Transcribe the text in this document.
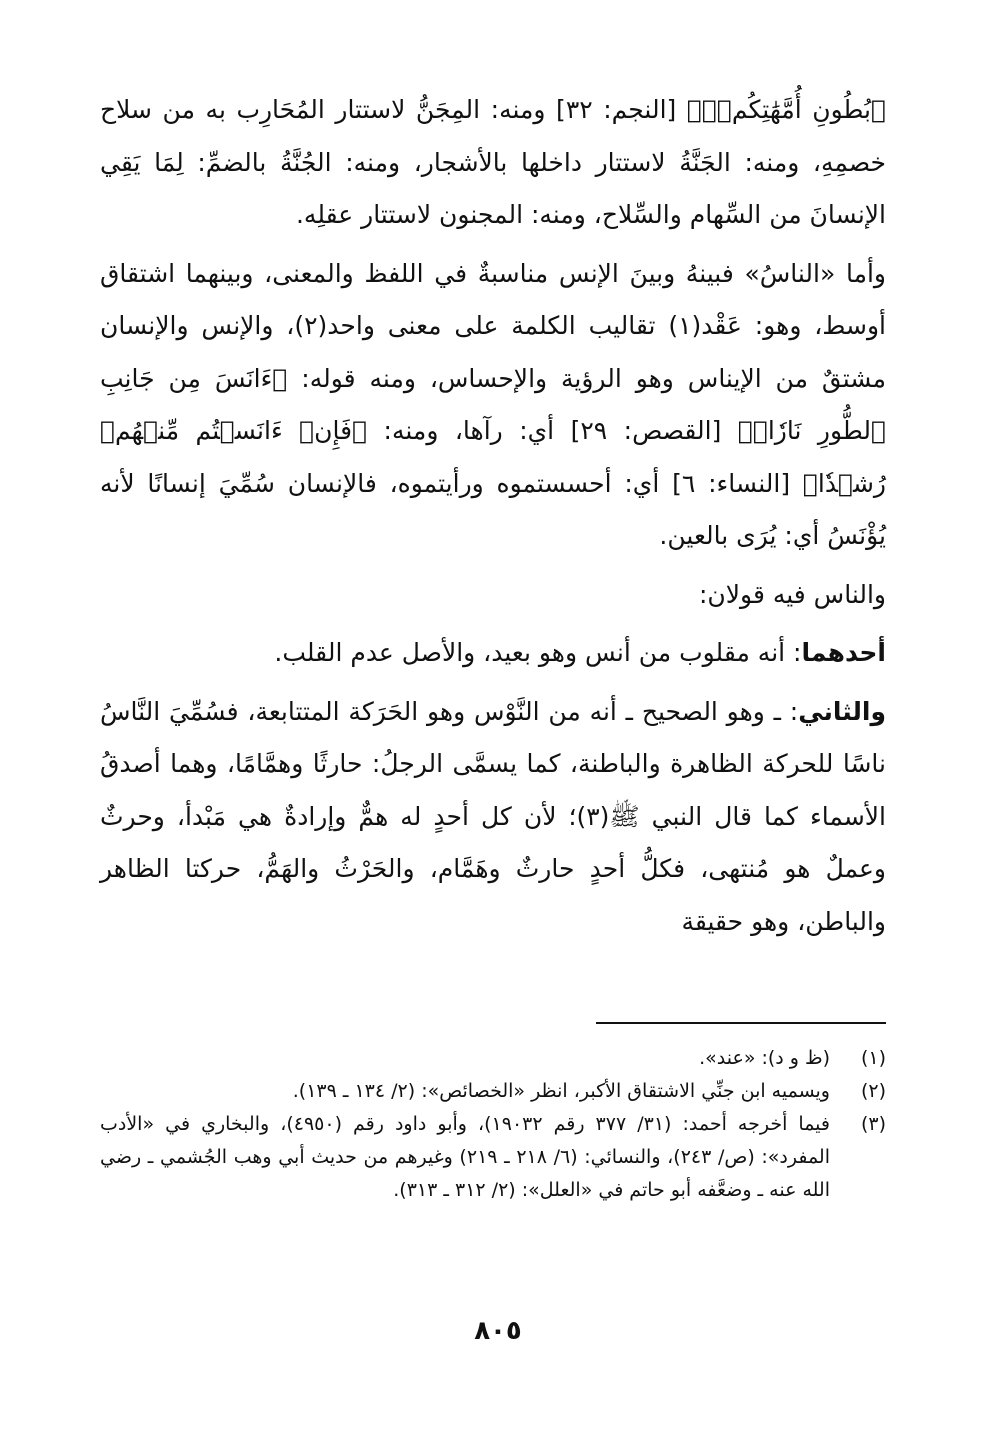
﴿بُطُونِ أُمَّهَٰتِكُمۡۖ﴾ [النجم: ٣٢] ومنه: المِجَنُّ لاستتار المُحَارِب به من سلاح خصمِهِ، ومنه: الجَنَّةُ لاستتار داخلها بالأشجار، ومنه: الجُنَّةُ بالضمِّ: لِمَا يَقِي الإنسانَ من السِّهام والسِّلاح، ومنه: المجنون لاستتار عقلِه.

وأما «الناسُ» فبينهُ وبينَ الإنس مناسبةٌ في اللفظ والمعنى، وبينهما اشتقاق أوسط، وهو: عَقْد(١) تقاليب الكلمة على معنى واحد(٢)، والإنس والإنسان مشتقٌ من الإيناس وهو الرؤية والإحساس، ومنه قوله: ﴿ءَانَسَ مِن جَانِبِ ٱلطُّورِ نَارٗاۖ﴾ [القصص: ٢٩] أي: رآها، ومنه: ﴿فَإِنۡ ءَانَسۡتُم مِّنۡهُمۡ رُشۡدٗا﴾ [النساء: ٦] أي: أحسستموه ورأيتموه، فالإنسان سُمِّيَ إنسانًا لأنه يُؤْنَسُ أي: يُرَى بالعين.

والناس فيه قولان:

أحدهما: أنه مقلوب من أنس وهو بعيد، والأصل عدم القلب.

والثاني: ـ وهو الصحيح ـ أنه من النَّوْس وهو الحَرَكة المتتابعة، فسُمِّيَ النَّاسُ ناسًا للحركة الظاهرة والباطنة، كما يسمَّى الرجلُ: حارثًا وهمَّامًا، وهما أصدقُ الأسماء كما قال النبي ﷺ(٣)؛ لأن كل أحدٍ له همٌّ وإرادةٌ هي مَبْدأ، وحرثٌ وعملٌ هو مُنتهى، فكلُّ أحدٍ حارثٌ وهَمَّام، والحَرْثُ والهَمُّ، حركتا الظاهر والباطن، وهو حقيقة

(١)
(ظ و د): «عند».
(٢)
ويسميه ابن جنِّي الاشتقاق الأكبر، انظر «الخصائص»: (٢/ ١٣٤ ـ ١٣٩).
(٣)
فيما أخرجه أحمد: (٣١/ ٣٧٧ رقم ١٩٠٣٢)، وأبو داود رقم (٤٩٥٠)، والبخاري في «الأدب المفرد»: (ص/ ٢٤٣)، والنسائي: (٦/ ٢١٨ ـ ٢١٩) وغيرهم من حديث أبي وهب الجُشمي ـ رضي الله عنه ـ وضعَّفه أبو حاتم في «العلل»: (٢/ ٣١٢ ـ ٣١٣).
٨٠٥
